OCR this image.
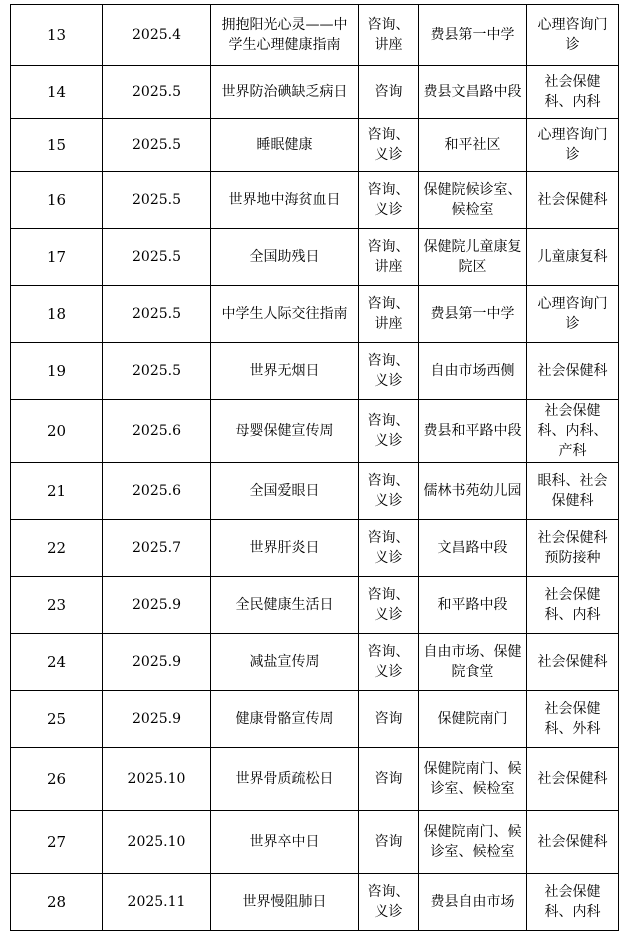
13	2025.4	拥抱阳光心灵——中学生心理健康指南	咨询、讲座	费县第一中学	心理咨询门诊
14	2025.5	世界防治碘缺乏病日	咨询	费县文昌路中段	社会保健科、内科
15	2025.5	睡眠健康	咨询、义诊	和平社区	心理咨询门诊
16	2025.5	世界地中海贫血日	咨询、义诊	保健院候诊室、候检室	社会保健科
17	2025.5	全国助残日	咨询、讲座	保健院儿童康复院区	儿童康复科
18	2025.5	中学生人际交往指南	咨询、讲座	费县第一中学	心理咨询门诊
19	2025.5	世界无烟日	咨询、义诊	自由市场西侧	社会保健科
20	2025.6	母婴保健宣传周	咨询、义诊	费县和平路中段	社会保健科、内科、产科
21	2025.6	全国爱眼日	咨询、义诊	儒林书苑幼儿园	眼科、社会保健科
22	2025.7	世界肝炎日	咨询、义诊	文昌路中段	社会保健科预防接种
23	2025.9	全民健康生活日	咨询、义诊	和平路中段	社会保健科、内科
24	2025.9	减盐宣传周	咨询、义诊	自由市场、保健院食堂	社会保健科
25	2025.9	健康骨骼宣传周	咨询	保健院南门	社会保健科、外科
26	2025.10	世界骨质疏松日	咨询	保健院南门、候诊室、候检室	社会保健科
27	2025.10	世界卒中日	咨询	保健院南门、候诊室、候检室	社会保健科
28	2025.11	世界慢阻肺日	咨询、义诊	费县自由市场	社会保健科、内科
